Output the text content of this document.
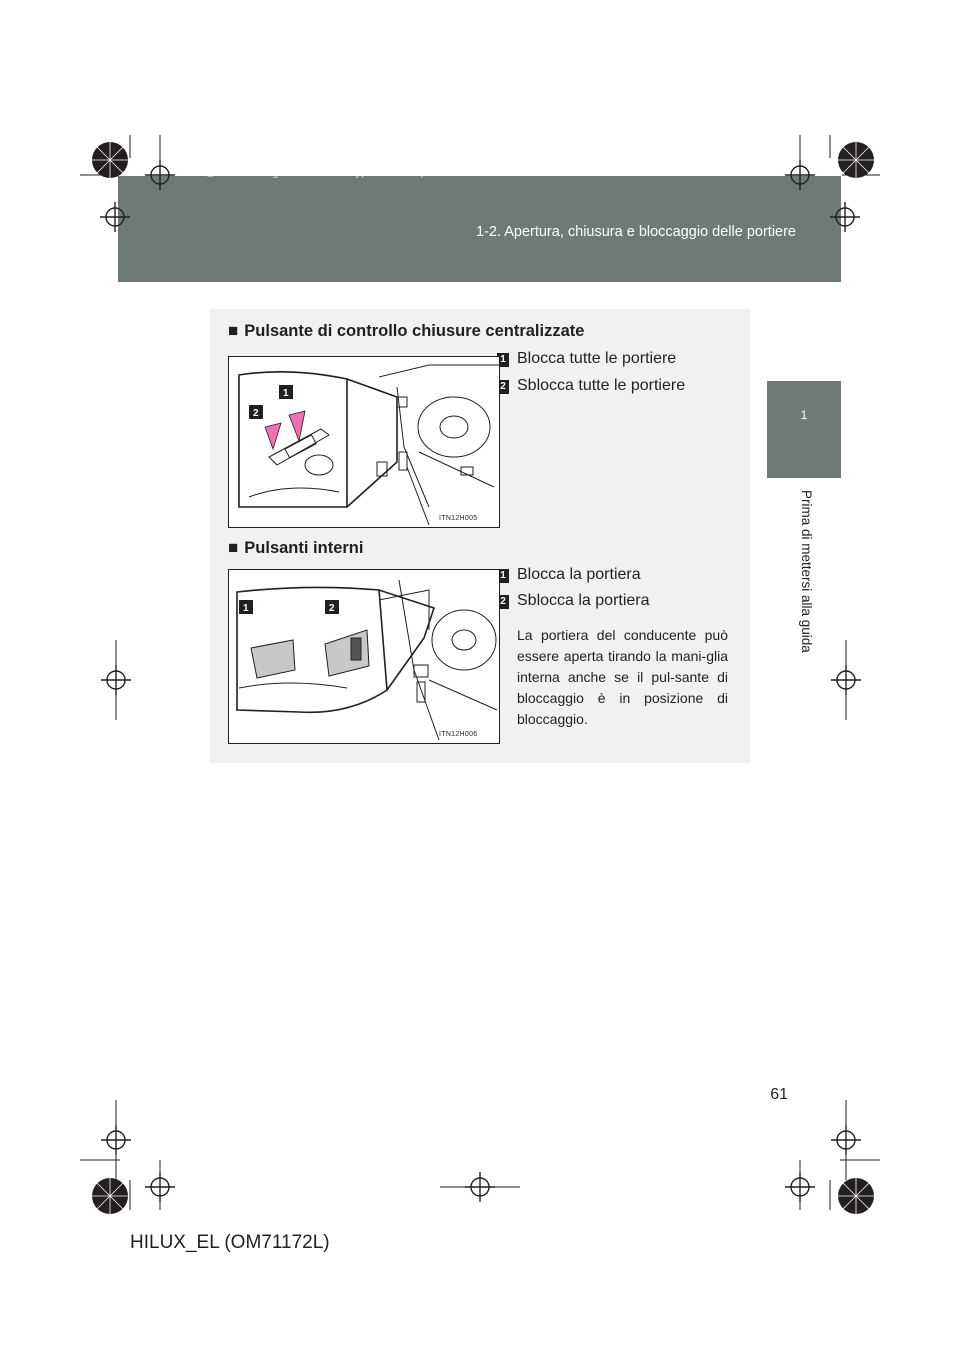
HILUX_EL.book Page 61 Wednesday, March 23, 2011 3:30 PM
1-2. Apertura, chiusura e bloccaggio delle portiere
1
Prima di mettersi alla guida
■ Pulsante di controllo chiusure centralizzate
1 Blocca tutte le portiere
2 Sblocca tutte le portiere
1
2
ITN12H005
■ Pulsanti interni
1 Blocca la portiera
2 Sblocca la portiera
La portiera del conducente può essere aperta tirando la mani-glia interna anche se il pul-sante di bloccaggio è in posizione di bloccaggio.
1	2
ITN12H006
61
HILUX_EL (OM71172L)
